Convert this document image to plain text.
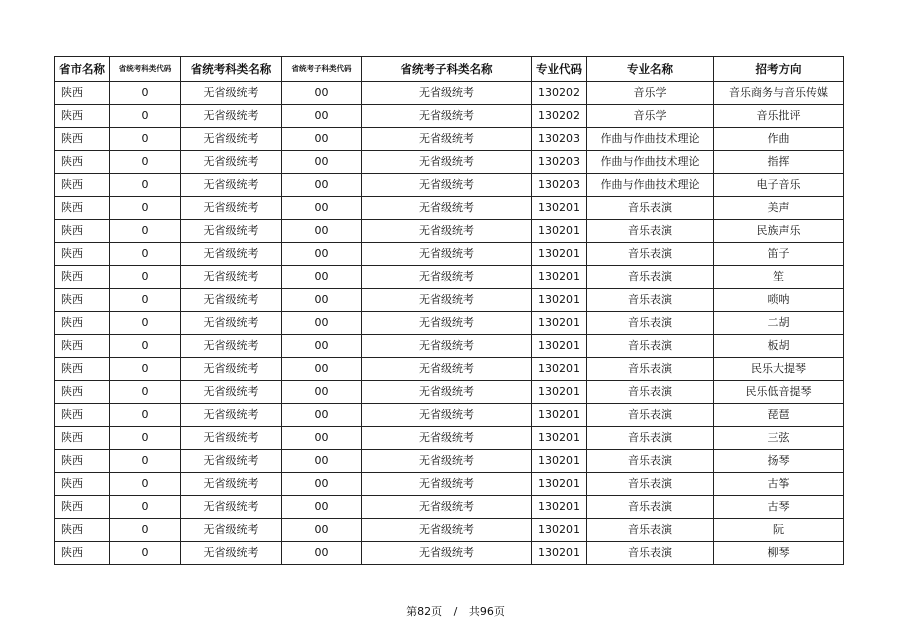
省市名称	省统考科类代码	省统考科类名称	省统考子科类代码	省统考子科类名称	专业代码	专业名称	招考方向
陕西	0	无省级统考	00	无省级统考	130202	音乐学	音乐商务与音乐传媒
陕西	0	无省级统考	00	无省级统考	130202	音乐学	音乐批评
陕西	0	无省级统考	00	无省级统考	130203	作曲与作曲技术理论	作曲
陕西	0	无省级统考	00	无省级统考	130203	作曲与作曲技术理论	指挥
陕西	0	无省级统考	00	无省级统考	130203	作曲与作曲技术理论	电子音乐
陕西	0	无省级统考	00	无省级统考	130201	音乐表演	美声
陕西	0	无省级统考	00	无省级统考	130201	音乐表演	民族声乐
陕西	0	无省级统考	00	无省级统考	130201	音乐表演	笛子
陕西	0	无省级统考	00	无省级统考	130201	音乐表演	笙
陕西	0	无省级统考	00	无省级统考	130201	音乐表演	唢呐
陕西	0	无省级统考	00	无省级统考	130201	音乐表演	二胡
陕西	0	无省级统考	00	无省级统考	130201	音乐表演	板胡
陕西	0	无省级统考	00	无省级统考	130201	音乐表演	民乐大提琴
陕西	0	无省级统考	00	无省级统考	130201	音乐表演	民乐低音提琴
陕西	0	无省级统考	00	无省级统考	130201	音乐表演	琵琶
陕西	0	无省级统考	00	无省级统考	130201	音乐表演	三弦
陕西	0	无省级统考	00	无省级统考	130201	音乐表演	扬琴
陕西	0	无省级统考	00	无省级统考	130201	音乐表演	古筝
陕西	0	无省级统考	00	无省级统考	130201	音乐表演	古琴
陕西	0	无省级统考	00	无省级统考	130201	音乐表演	阮
陕西	0	无省级统考	00	无省级统考	130201	音乐表演	柳琴
第82页 / 共96页
